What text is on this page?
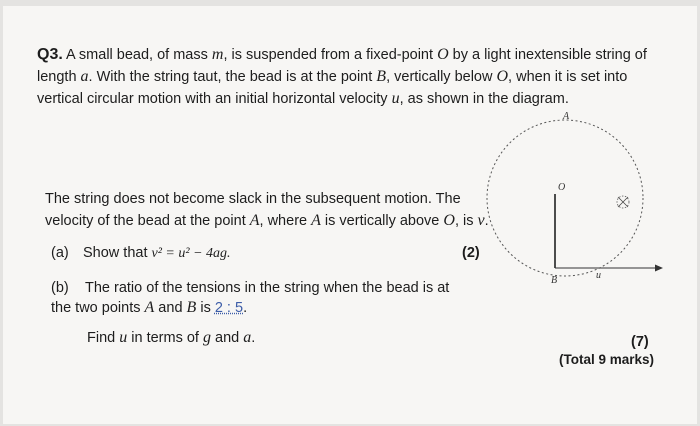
Q3. A small bead, of mass m, is suspended from a fixed-point O by a light inextensible string of length a. With the string taut, the bead is at the point B, vertically below O, when it is set into vertical circular motion with an initial horizontal velocity u, as shown in the diagram.
The string does not become slack in the subsequent motion. The velocity of the bead at the point A, where A is vertically above O, is v.
(a) Show that v² = u² − 4ag.	(2)
(b) The ratio of the tensions in the string when the bead is at the two points A and B is 2 : 5.
Find u in terms of g and a.	(7)
(Total 9 marks)
A
O
B	u
